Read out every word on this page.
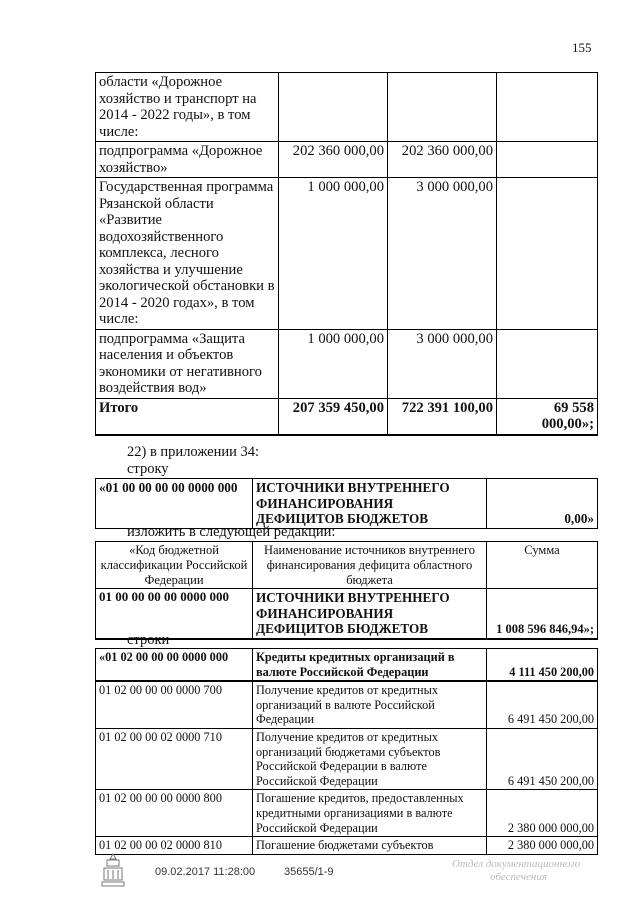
155
области «Дорожное хозяйство и транспорт на 2014 - 2022 годы», в том числе:			
подпрограмма «Дорожное хозяйство»	202 360 000,00	202 360 000,00	
Государственная программа Рязанской области «Развитие водохозяйственного комплекса, лесного хозяйства и улучшение экологической обстановки в 2014 - 2020 годах», в том числе:	1 000 000,00	3 000 000,00	
подпрограмма «Защита населения и объектов экономики от негативного воздействия вод»	1 000 000,00	3 000 000,00	
Итого	207 359 450,00	722 391 100,00	69 558 000,00»;
22) в приложении 34:
строку
«01 00 00 00 00 0000 000	ИСТОЧНИКИ ВНУТРЕННЕГО ФИНАНСИРОВАНИЯ ДЕФИЦИТОВ БЮДЖЕТОВ	0,00»
изложить в следующей редакции:
«Код бюджетной классификации Российской Федерации	Наименование источников внутреннего финансирования дефицита областного бюджета	Сумма
01 00 00 00 00 0000 000	ИСТОЧНИКИ ВНУТРЕННЕГО ФИНАНСИРОВАНИЯ ДЕФИЦИТОВ БЮДЖЕТОВ	1 008 596 846,94»;
строки
«01 02 00 00 00 0000 000	Кредиты кредитных организаций в валюте Российской Федерации	4 111 450 200,00
01 02 00 00 00 0000 700	Получение кредитов от кредитных организаций в валюте Российской Федерации	6 491 450 200,00
01 02 00 00 02 0000 710	Получение кредитов от кредитных организаций бюджетами субъектов Российской Федерации в валюте Российской Федерации	6 491 450 200,00
01 02 00 00 00 0000 800	Погашение кредитов, предоставленных кредитными организациями в валюте Российской Федерации	2 380 000 000,00
01 02 00 00 02 0000 810	Погашение бюджетами субъектов	2 380 000 000,00
09.02.2017 11:28:00	35655/1-9
Отдел документационного
обеспечения
